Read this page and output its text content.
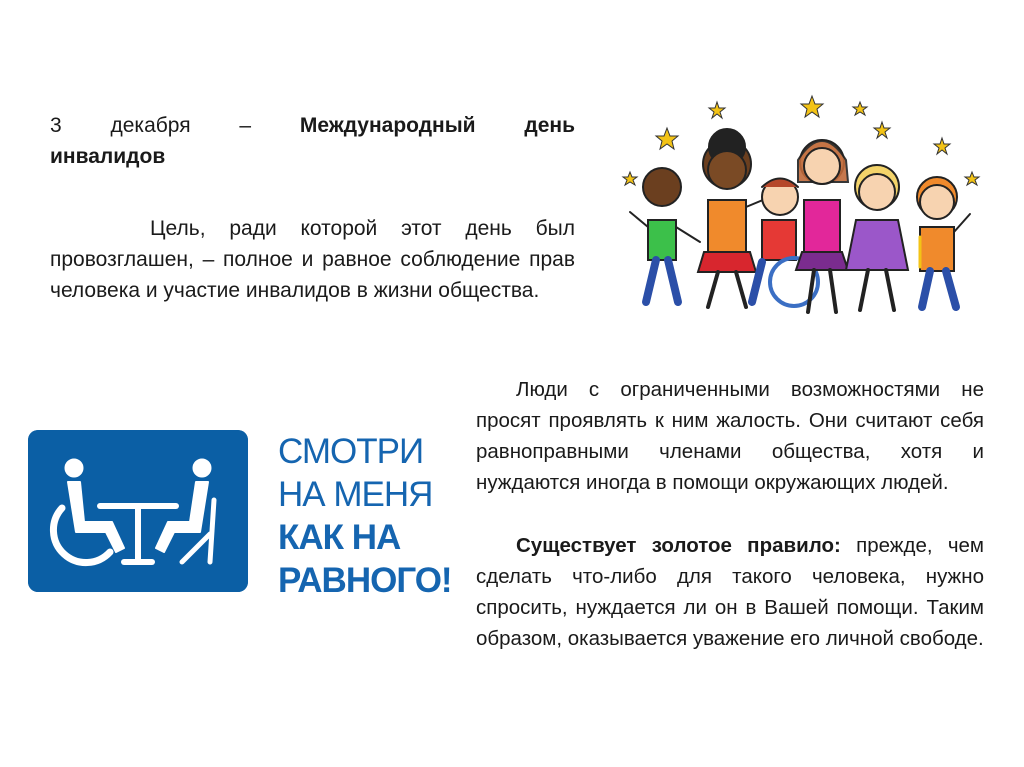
3 декабря – Международный день
инвалидов
Цель, ради которой этот день был провозглашен, – полное и равное соблюдение прав человека и участие инвалидов в жизни общества.
СМОТРИ
НА МЕНЯ
КАК НА
РАВНОГО!
Люди с ограниченными возможностями не просят проявлять к ним жалость. Они считают себя равноправными членами общества, хотя и нуждаются иногда в помощи окружающих людей.
Существует золотое правило: прежде, чем сделать что-либо для такого человека, нужно спросить, нуждается ли он в Вашей помощи. Таким образом, оказывается уважение его личной свободе.
